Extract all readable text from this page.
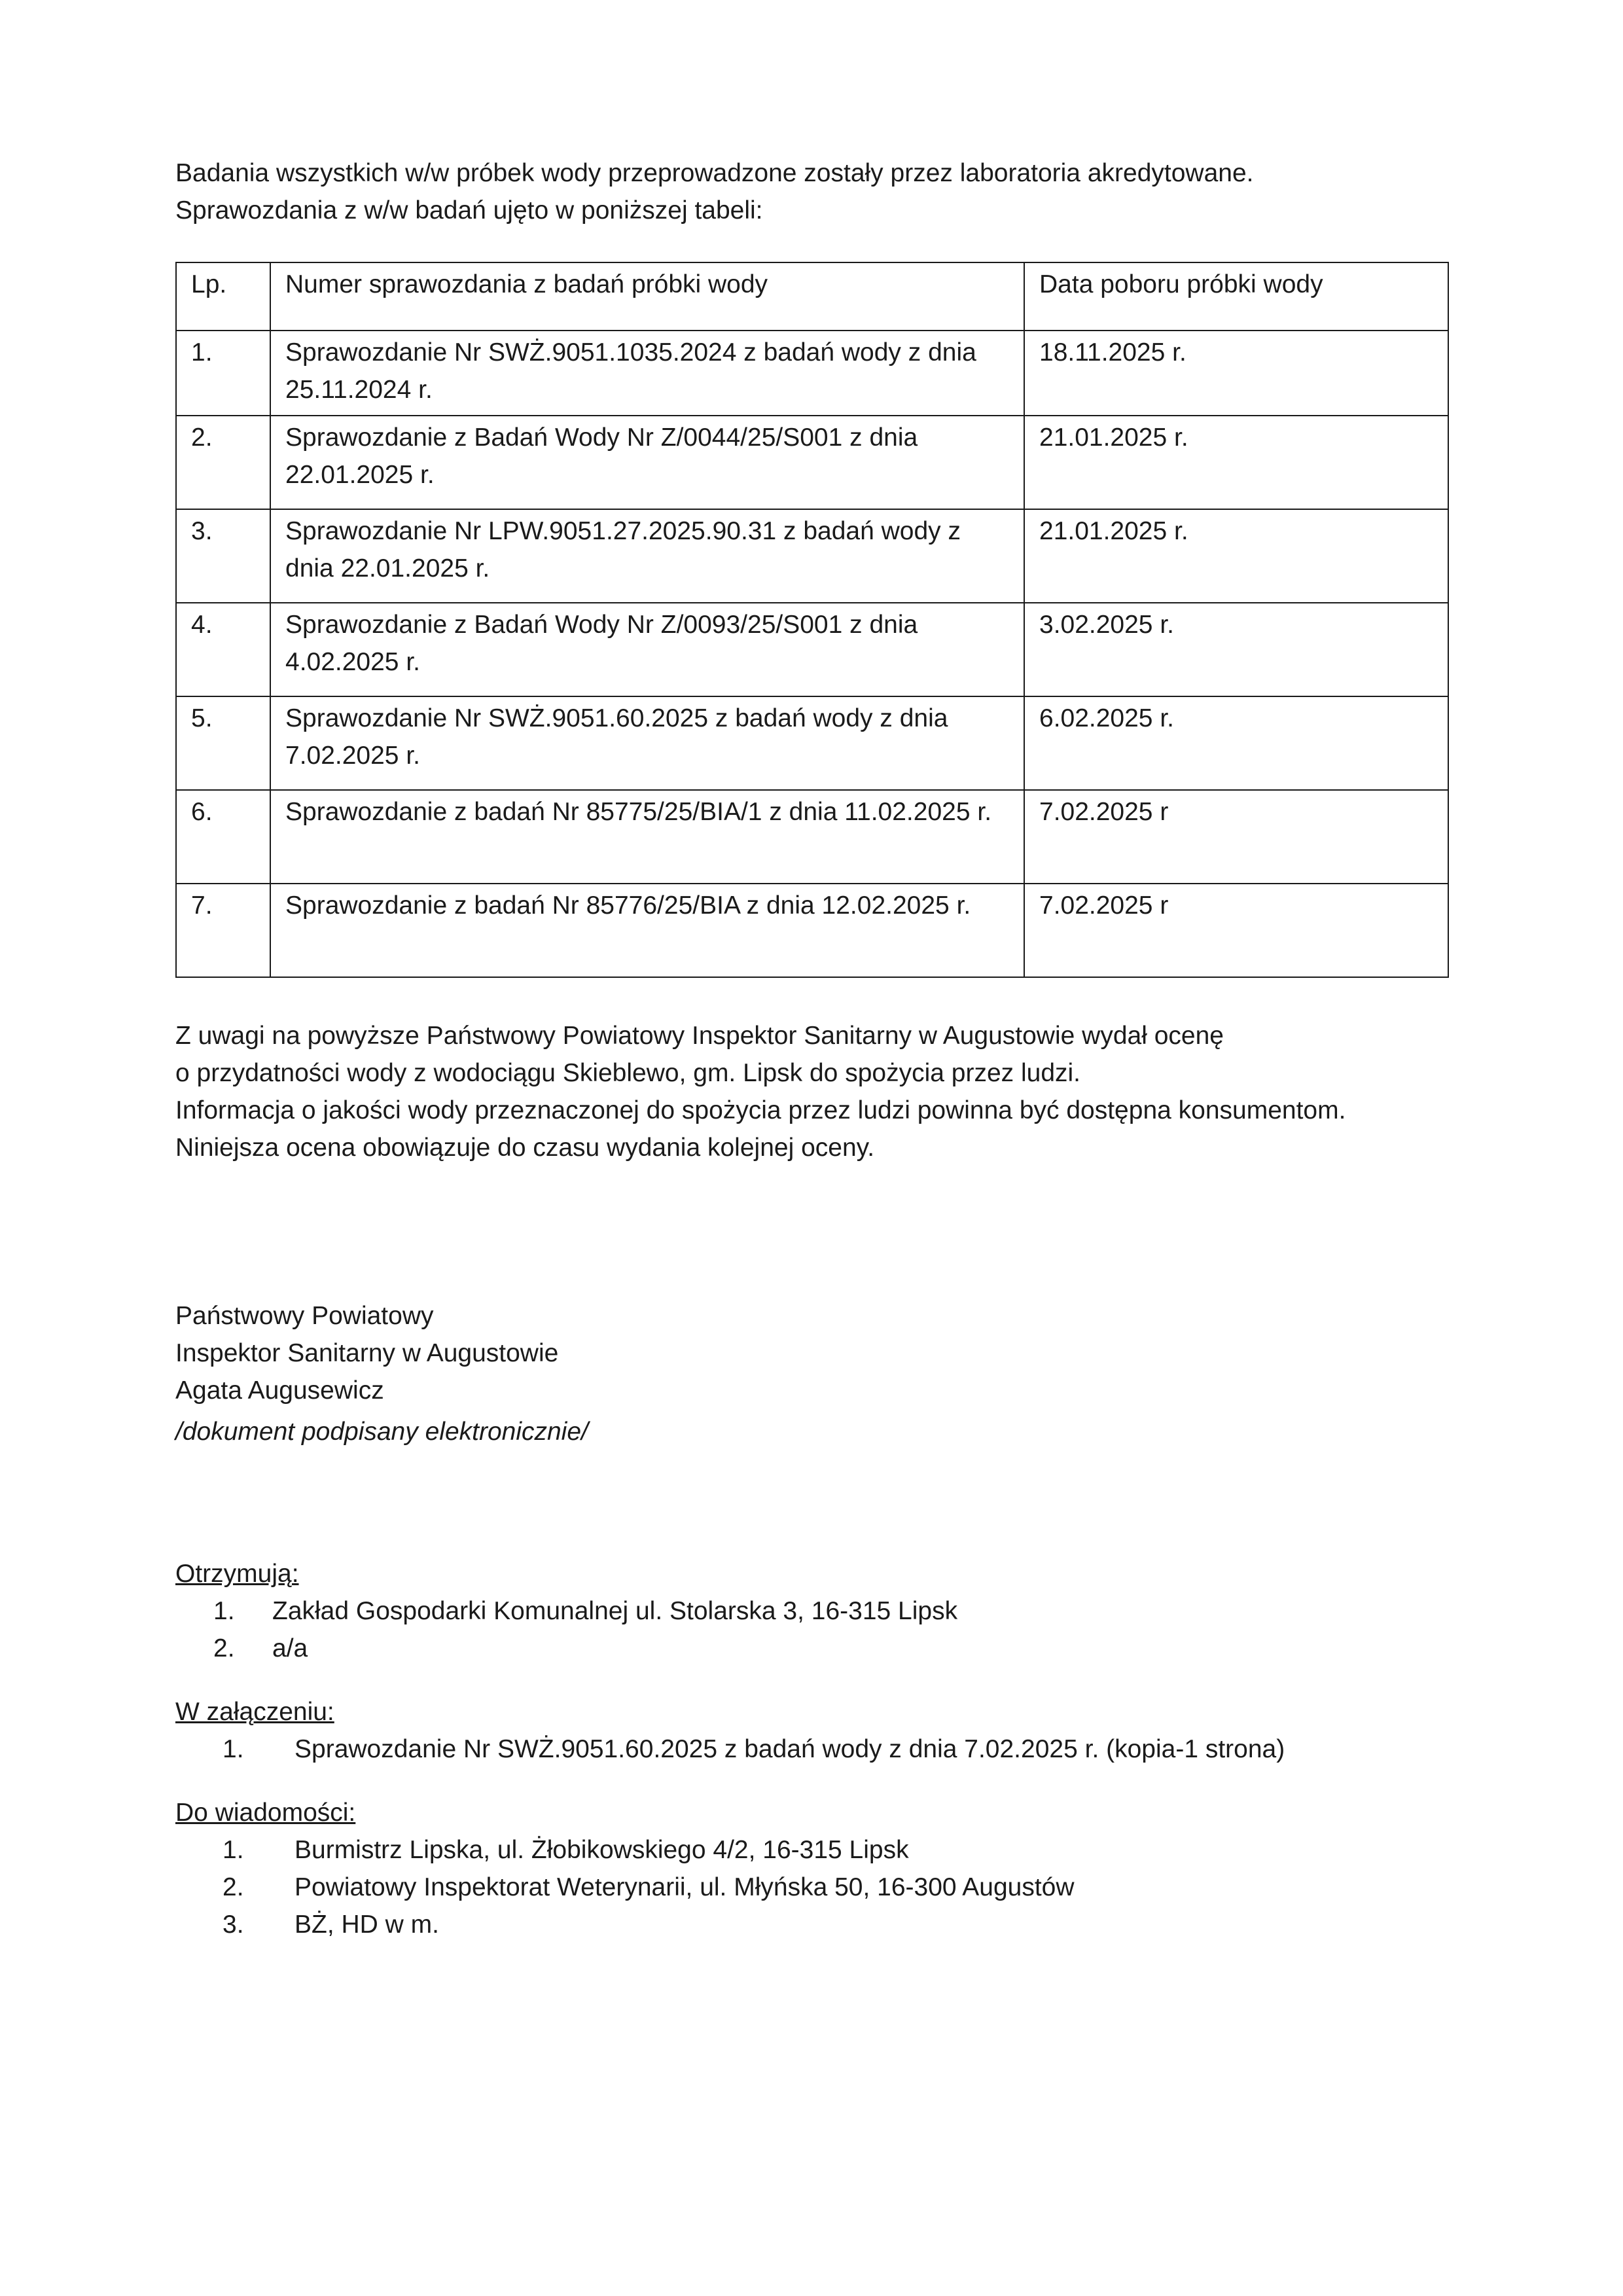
Badania wszystkich w/w próbek wody przeprowadzone zostały przez laboratoria akredytowane.

Sprawozdania z w/w badań ujęto w poniższej tabeli:

Lp.	Numer sprawozdania z badań próbki wody	Data poboru próbki wody
1.	Sprawozdanie Nr SWŻ.9051.1035.2024 z badań wody z dnia 25.11.2024 r.	18.11.2025 r.
2.	Sprawozdanie z Badań Wody Nr Z/0044/25/S001 z dnia 22.01.2025 r.	21.01.2025 r.
3.	Sprawozdanie Nr LPW.9051.27.2025.90.31 z badań wody z dnia 22.01.2025 r.	21.01.2025 r.
4.	Sprawozdanie z Badań Wody Nr Z/0093/25/S001 z dnia 4.02.2025 r.	3.02.2025 r.
5.	Sprawozdanie Nr SWŻ.9051.60.2025 z badań wody z dnia 7.02.2025 r.	6.02.2025 r.
6.	Sprawozdanie z badań Nr 85775/25/BIA/1 z dnia 11.02.2025 r.	7.02.2025 r
7.	Sprawozdanie z badań Nr 85776/25/BIA z dnia 12.02.2025 r.	7.02.2025 r

Z uwagi na powyższe Państwowy Powiatowy Inspektor Sanitarny w Augustowie wydał ocenę

o przydatności wody z wodociągu Skieblewo, gm. Lipsk do spożycia przez ludzi.

Informacja o jakości wody przeznaczonej do spożycia przez ludzi powinna być dostępna konsumentom.

Niniejsza ocena obowiązuje do czasu wydania kolejnej oceny.

Państwowy Powiatowy

Inspektor Sanitarny w Augustowie

Agata Augusewicz

/dokument podpisany elektronicznie/

Otrzymują:

1.	Zakład Gospodarki Komunalnej ul. Stolarska 3, 16-315 Lipsk
2.	a/a

W załączeniu:

1.	Sprawozdanie Nr SWŻ.9051.60.2025 z badań wody z dnia 7.02.2025 r. (kopia-1 strona)

Do wiadomości:

1.	Burmistrz Lipska, ul. Żłobikowskiego 4/2, 16-315 Lipsk
2.	Powiatowy Inspektorat Weterynarii, ul. Młyńska 50, 16-300 Augustów
3.	BŻ, HD w m.
